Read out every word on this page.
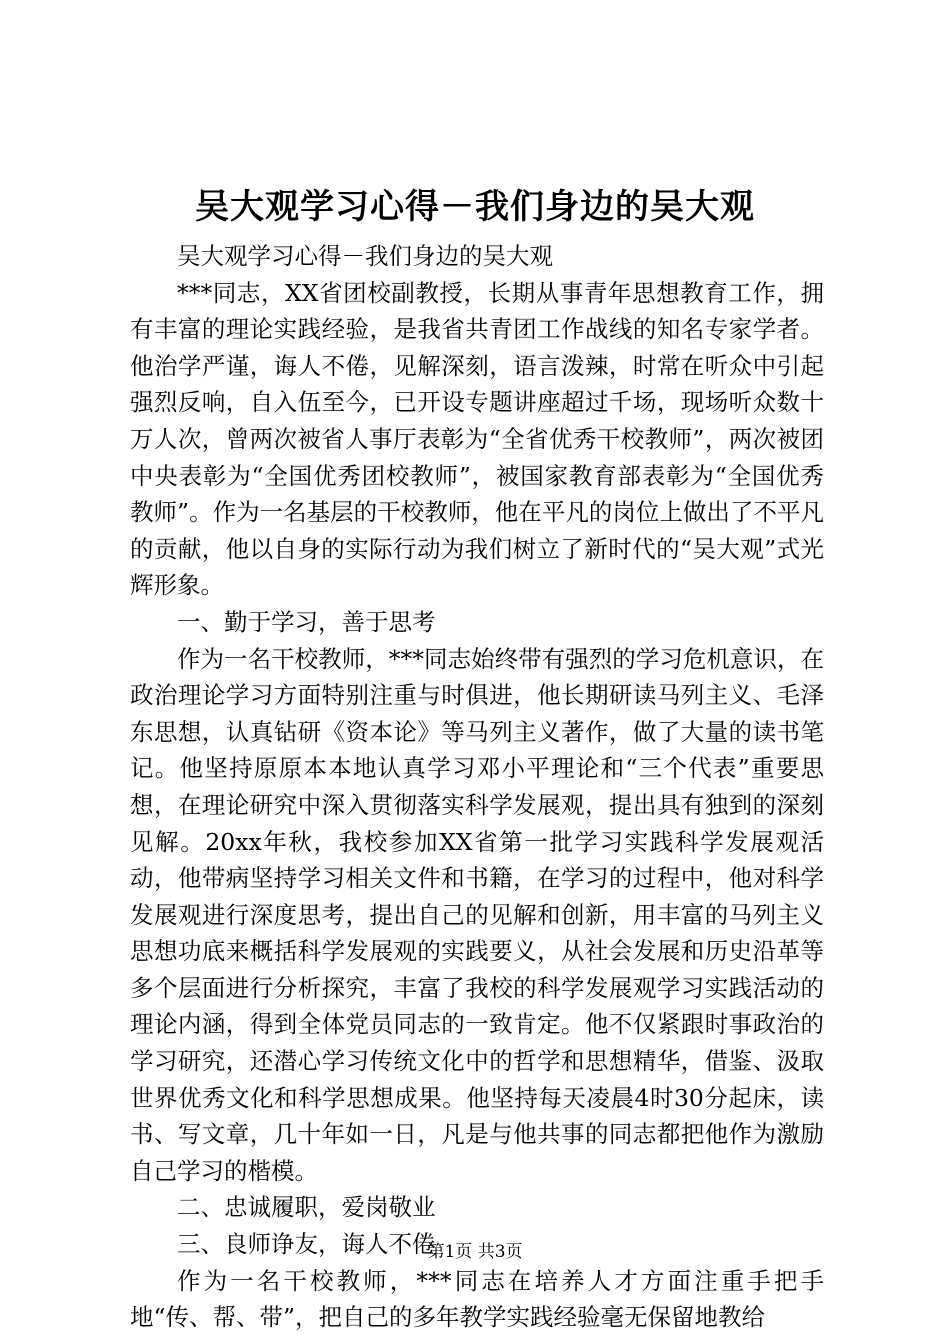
吴大观学习心得－我们身边的吴大观

吴大观学习心得－我们身边的吴大观

***同志，XX省团校副教授，长期从事青年思想教育工作，拥有丰富的理论实践经验，是我省共青团工作战线的知名专家学者。他治学严谨，诲人不倦，见解深刻，语言泼辣，时常在听众中引起强烈反响，自入伍至今，已开设专题讲座超过千场，现场听众数十万人次，曾两次被省人事厅表彰为“全省优秀干校教师”，两次被团中央表彰为“全国优秀团校教师”，被国家教育部表彰为“全国优秀教师”。作为一名基层的干校教师，他在平凡的岗位上做出了不平凡的贡献，他以自身的实际行动为我们树立了新时代的“吴大观”式光辉形象。

一、勤于学习，善于思考

作为一名干校教师，***同志始终带有强烈的学习危机意识，在政治理论学习方面特别注重与时俱进，他长期研读马列主义、毛泽东思想，认真钻研《资本论》等马列主义著作，做了大量的读书笔记。他坚持原原本本地认真学习邓小平理论和“三个代表”重要思想，在理论研究中深入贯彻落实科学发展观，提出具有独到的深刻见解。20xx年秋，我校参加XX省第一批学习实践科学发展观活动，他带病坚持学习相关文件和书籍，在学习的过程中，他对科学发展观进行深度思考，提出自己的见解和创新，用丰富的马列主义思想功底来概括科学发展观的实践要义，从社会发展和历史沿革等多个层面进行分析探究，丰富了我校的科学发展观学习实践活动的理论内涵，得到全体党员同志的一致肯定。他不仅紧跟时事政治的学习研究，还潜心学习传统文化中的哲学和思想精华，借鉴、汲取世界优秀文化和科学思想成果。他坚持每天凌晨4时30分起床，读书、写文章，几十年如一日，凡是与他共事的同志都把他作为激励自己学习的楷模。

二、忠诚履职，爱岗敬业

三、良师诤友，诲人不倦

作为一名干校教师，***同志在培养人才方面注重手把手地“传、帮、带”，把自己的多年教学实践经验毫无保留地教给

第1页 共3页
